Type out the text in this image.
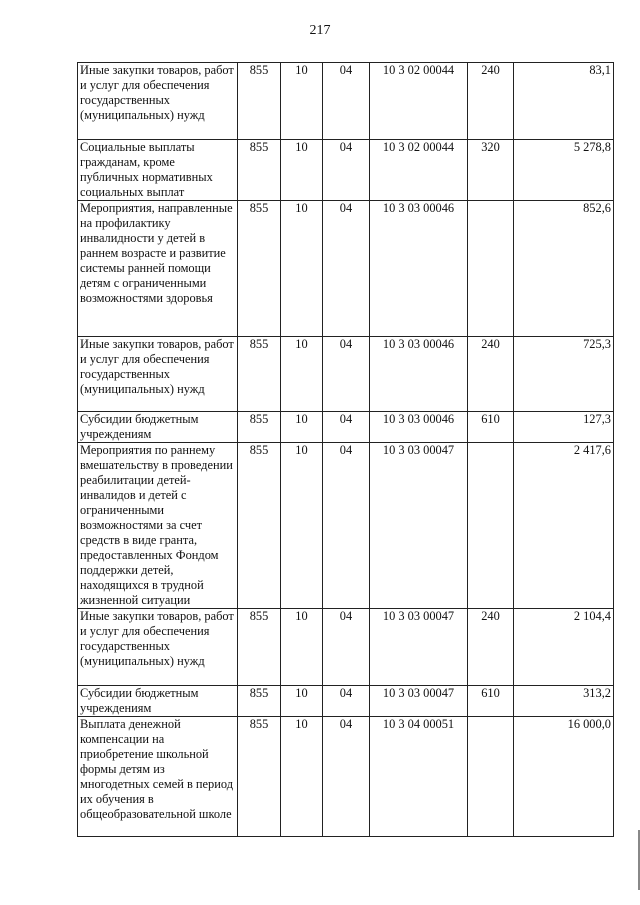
217
Иные закупки товаров, работ и услуг для обеспечения государственных (муниципальных) нужд	855	10	04	10 3 02 00044	240	83,1
Социальные выплаты гражданам, кроме публичных нормативных социальных выплат	855	10	04	10 3 02 00044	320	5 278,8
Мероприятия, направленные на профилактику инвалидности у детей в раннем возрасте и развитие системы ранней помощи детям с ограниченными возможностями здоровья	855	10	04	10 3 03 00046		852,6
Иные закупки товаров, работ и услуг для обеспечения государственных (муниципальных) нужд	855	10	04	10 3 03 00046	240	725,3
Субсидии бюджетным учреждениям	855	10	04	10 3 03 00046	610	127,3
Мероприятия по раннему вмешательству в проведении реабилитации детей-инвалидов и детей с ограниченными возможностями за счет средств в виде гранта, предоставленных Фондом поддержки детей, находящихся в трудной жизненной ситуации	855	10	04	10 3 03 00047		2 417,6
Иные закупки товаров, работ и услуг для обеспечения государственных (муниципальных) нужд	855	10	04	10 3 03 00047	240	2 104,4
Субсидии бюджетным учреждениям	855	10	04	10 3 03 00047	610	313,2
Выплата денежной компенсации на приобретение школьной формы детям из многодетных семей в период их обучения в общеобразовательной школе	855	10	04	10 3 04 00051		16 000,0
